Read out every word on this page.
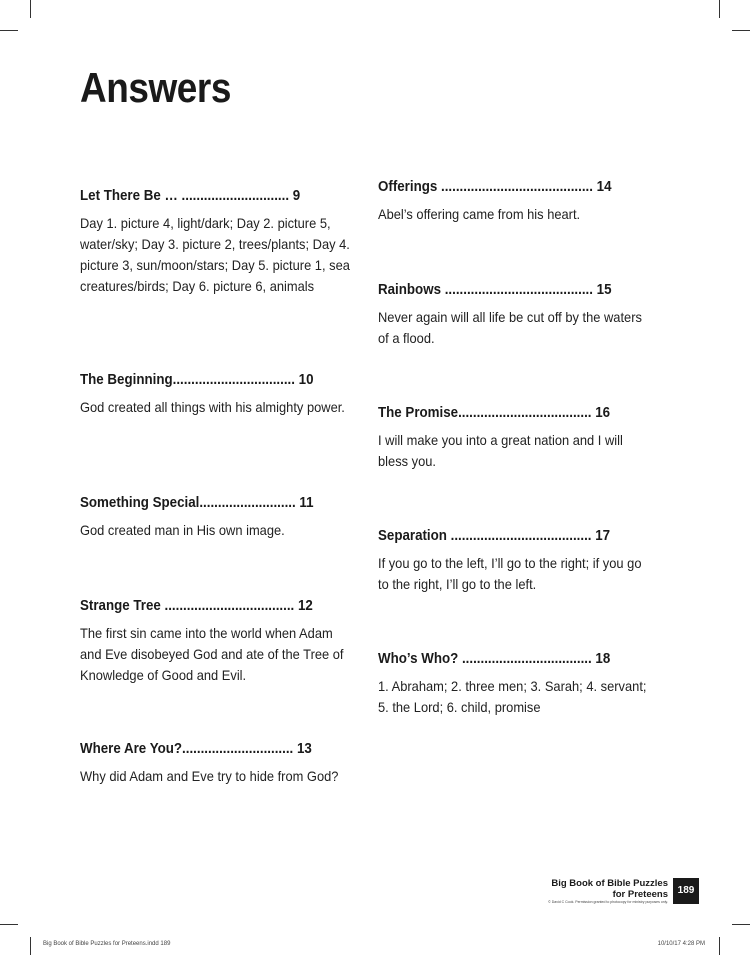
Answers
Let There Be … ............................. 9
Day 1. picture 4, light/dark; Day 2. picture 5, water/sky; Day 3. picture 2, trees/plants; Day 4. picture 3, sun/moon/stars; Day 5. picture 1, sea creatures/birds; Day 6. picture 6, animals
The Beginning................................. 10
God created all things with his almighty power.
Something Special.......................... 11
God created man in His own image.
Strange Tree ................................... 12
The first sin came into the world when Adam and Eve disobeyed God and ate of the Tree of Knowledge of Good and Evil.
Where Are You?.............................. 13
Why did Adam and Eve try to hide from God?
Offerings ......................................... 14
Abel’s offering came from his heart.
Rainbows ........................................ 15
Never again will all life be cut off by the waters of a flood.
The Promise.................................... 16
I will make you into a great nation and I will bless you.
Separation ...................................... 17
If you go to the left, I’ll go to the right; if you go to the right, I’ll go to the left.
Who’s Who? ................................... 18
1. Abraham; 2. three men; 3. Sarah; 4. servant; 5. the Lord; 6. child, promise
Big Book of Bible Puzzles
for Preteens
© David C Cook. Permission granted to photocopy for ministry purposes only.
189
Big Book of Bible Puzzles for Preteens.indd 189	10/10/17 4:28 PM
